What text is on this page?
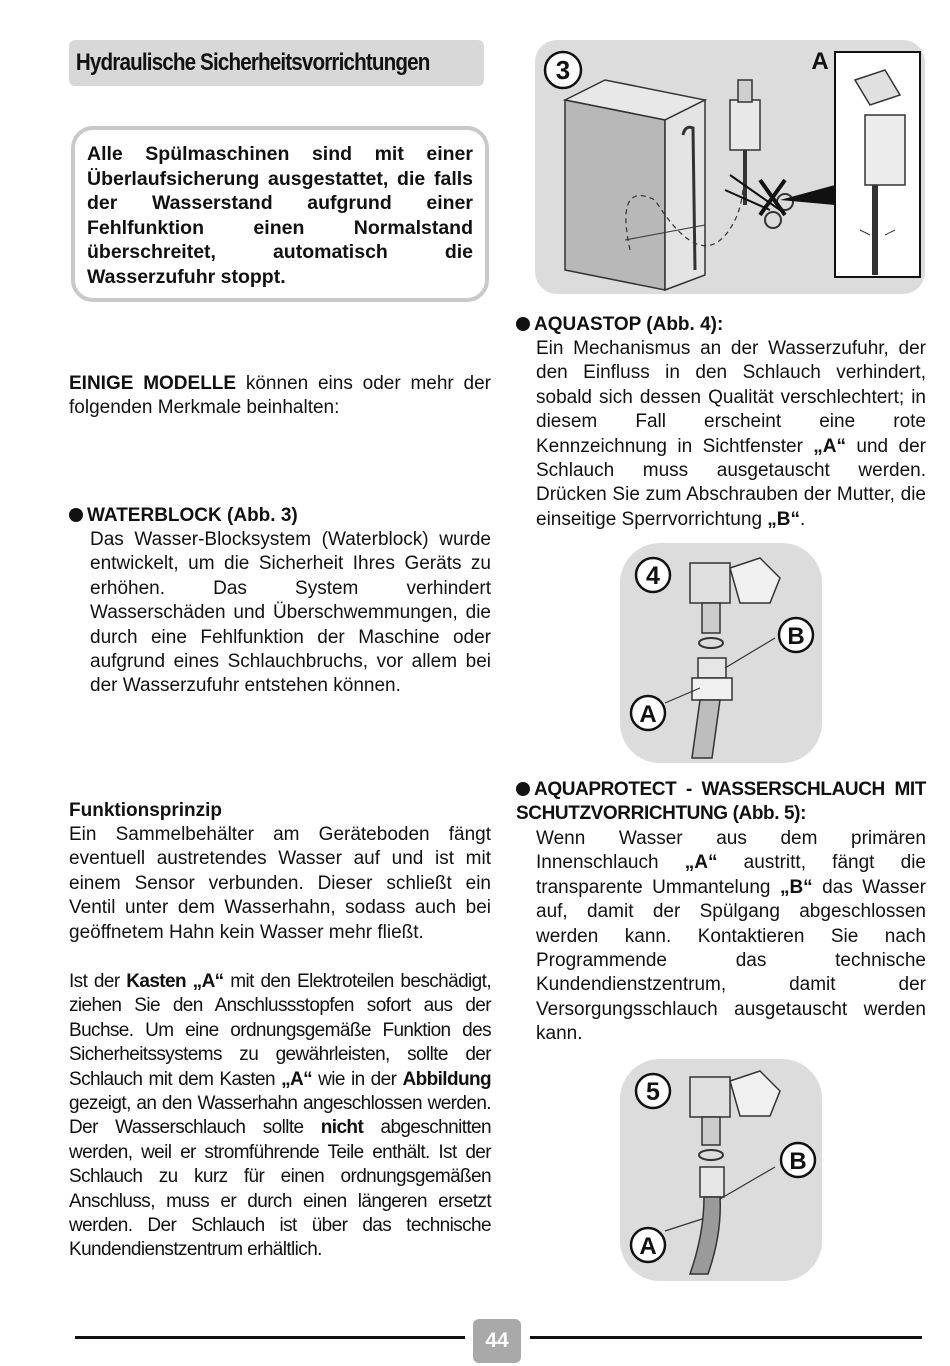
Hydraulische Sicherheitsvorrichtungen
Alle Spülmaschinen sind mit einer Überlaufsicherung ausgestattet, die falls der Wasserstand aufgrund einer Fehlfunktion einen Normalstand überschreitet, automatisch die Wasserzufuhr stoppt.
EINIGE MODELLE können eins oder mehr der folgenden Merkmale beinhalten:
WATERBLOCK (Abb. 3)
Das Wasser-Blocksystem (Waterblock) wurde entwickelt, um die Sicherheit Ihres Geräts zu erhöhen. Das System verhindert Wasserschäden und Überschwemmungen, die durch eine Fehlfunktion der Maschine oder aufgrund eines Schlauchbruchs, vor allem bei der Wasserzufuhr entstehen können.
Funktionsprinzip
Ein Sammelbehälter am Geräteboden fängt eventuell austretendes Wasser auf und ist mit einem Sensor verbunden. Dieser schließt ein Ventil unter dem Wasserhahn, sodass auch bei geöffnetem Hahn kein Wasser mehr fließt.
Ist der Kasten „A“ mit den Elektroteilen beschädigt, ziehen Sie den Anschlussstopfen sofort aus der Buchse. Um eine ordnungsgemäße Funktion des Sicherheitssystems zu gewährleisten, sollte der Schlauch mit dem Kasten „A“ wie in der Abbildung gezeigt, an den Wasserhahn angeschlossen werden. Der Wasserschlauch sollte nicht abgeschnitten werden, weil er stromführende Teile enthält. Ist der Schlauch zu kurz für einen ordnungsgemäßen Anschluss, muss er durch einen längeren ersetzt werden. Der Schlauch ist über das technische Kundendienstzentrum erhältlich.
3	A
AQUASTOP (Abb. 4):
Ein Mechanismus an der Wasserzufuhr, der den Einfluss in den Schlauch verhindert, sobald sich dessen Qualität verschlechtert; in diesem Fall erscheint eine rote Kennzeichnung in Sichtfenster „A“ und der Schlauch muss ausgetauscht werden. Drücken Sie zum Abschrauben der Mutter, die einseitige Sperrvorrichtung „B“.
4
B
A
AQUAPROTECT - WASSERSCHLAUCH MIT SCHUTZVORRICHTUNG (Abb. 5):
Wenn Wasser aus dem primären Innenschlauch „A“ austritt, fängt die transparente Ummantelung „B“ das Wasser auf, damit der Spülgang abgeschlossen werden kann. Kontaktieren Sie nach Programmende das technische Kundendienstzentrum, damit der Versorgungsschlauch ausgetauscht werden kann.
5
B
A
44
